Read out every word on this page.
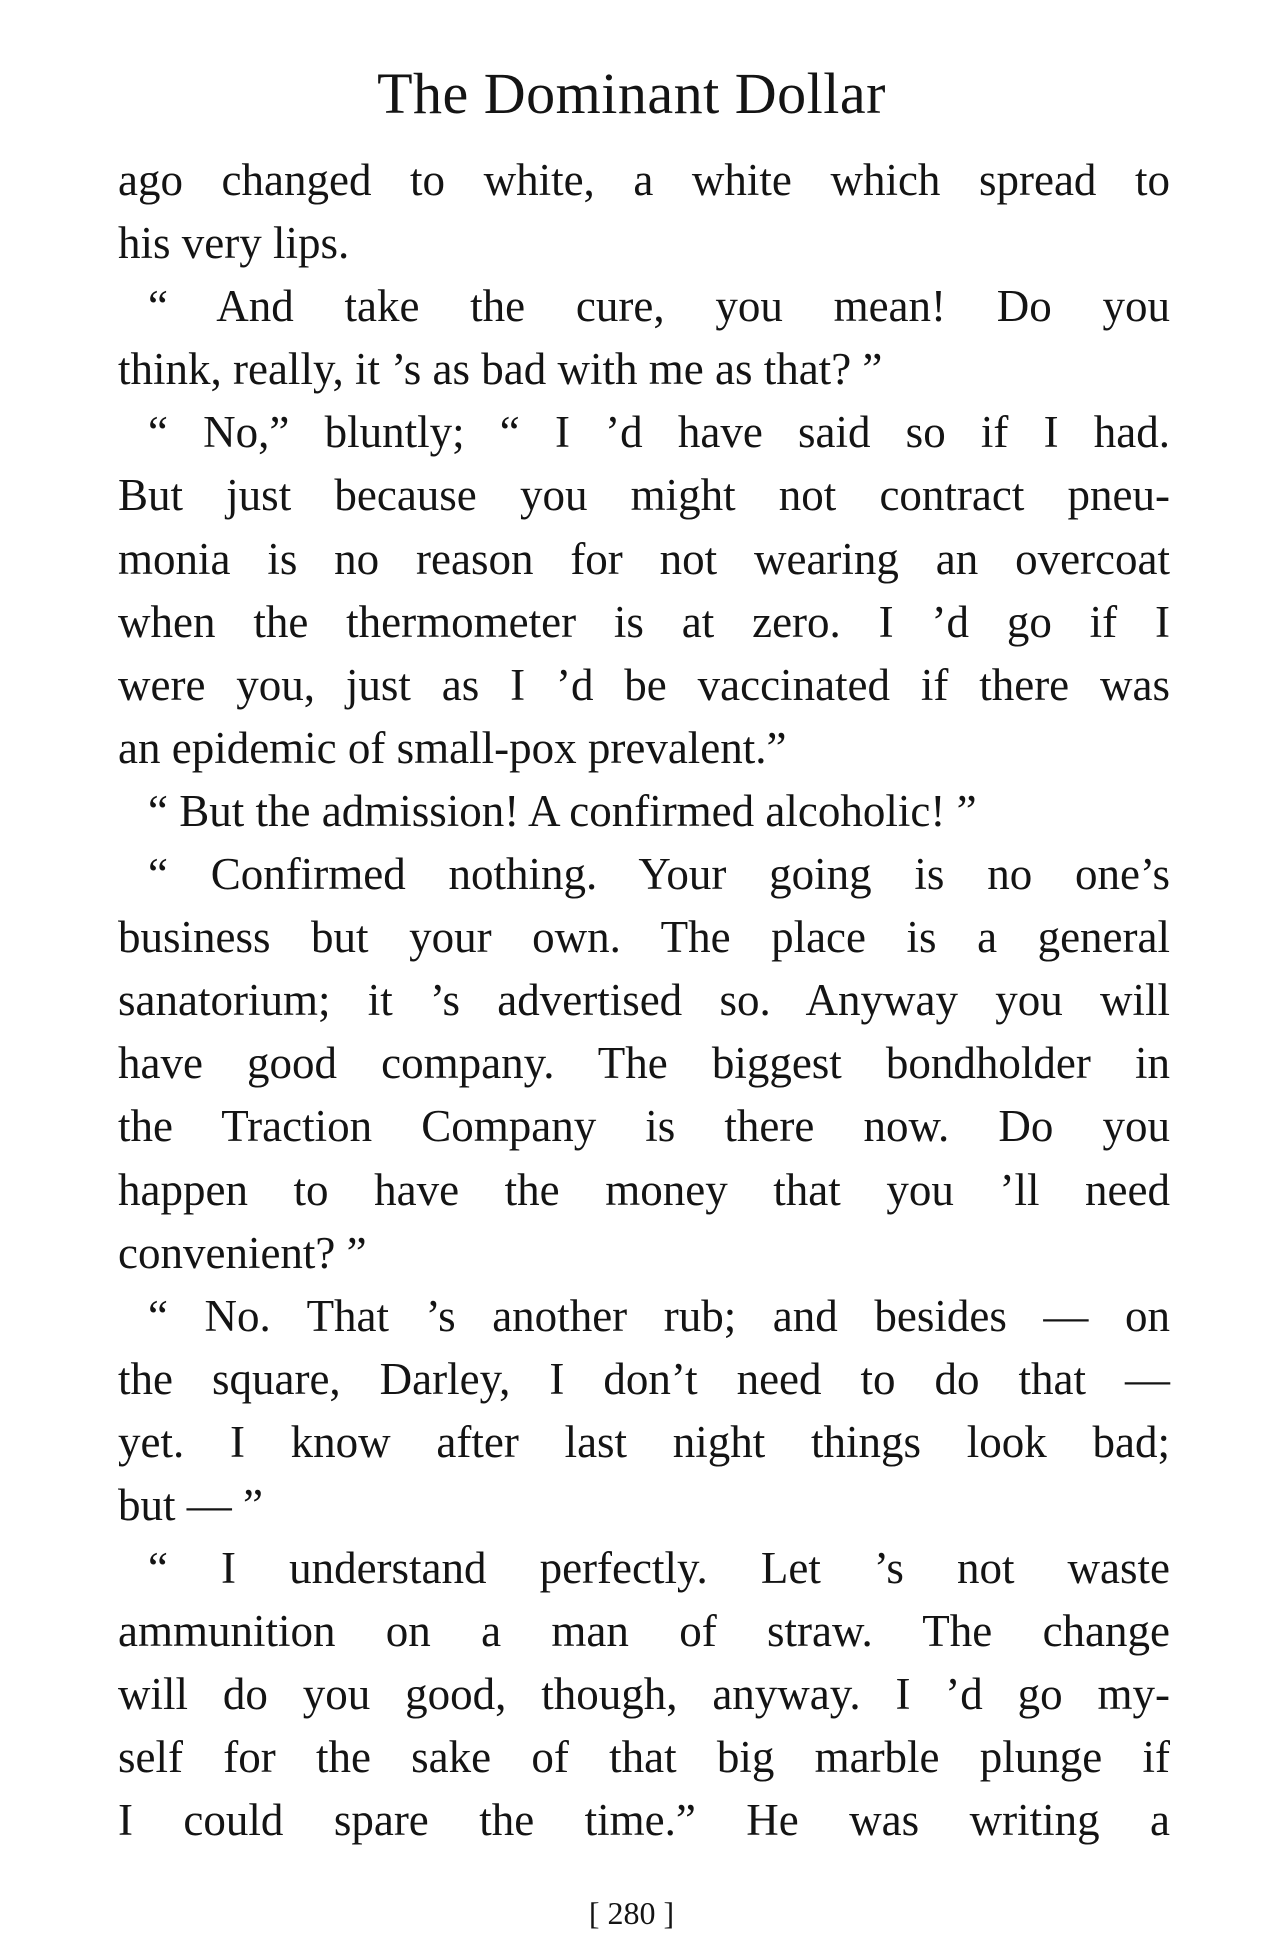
The Dominant Dollar
ago changed to white, a white which spread to
his very lips.
“ And take the cure, you mean! Do you
think, really, it ’s as bad with me as that? ”
“ No,” bluntly; “ I ’d have said so if I had.
But just because you might not contract pneu-
monia is no reason for not wearing an overcoat
when the thermometer is at zero. I ’d go if I
were you, just as I ’d be vaccinated if there was
an epidemic of small-pox prevalent.”
“ But the admission! A confirmed alcoholic! ”
“ Confirmed nothing. Your going is no one’s
business but your own. The place is a general
sanatorium; it ’s advertised so. Anyway you will
have good company. The biggest bondholder in
the Traction Company is there now. Do you
happen to have the money that you ’ll need
convenient? ”
“ No. That ’s another rub; and besides — on
the square, Darley, I don’t need to do that —
yet. I know after last night things look bad;
but — ”
“ I understand perfectly. Let ’s not waste
ammunition on a man of straw. The change
will do you good, though, anyway. I ’d go my-
self for the sake of that big marble plunge if
I could spare the time.” He was writing a
[ 280 ]
